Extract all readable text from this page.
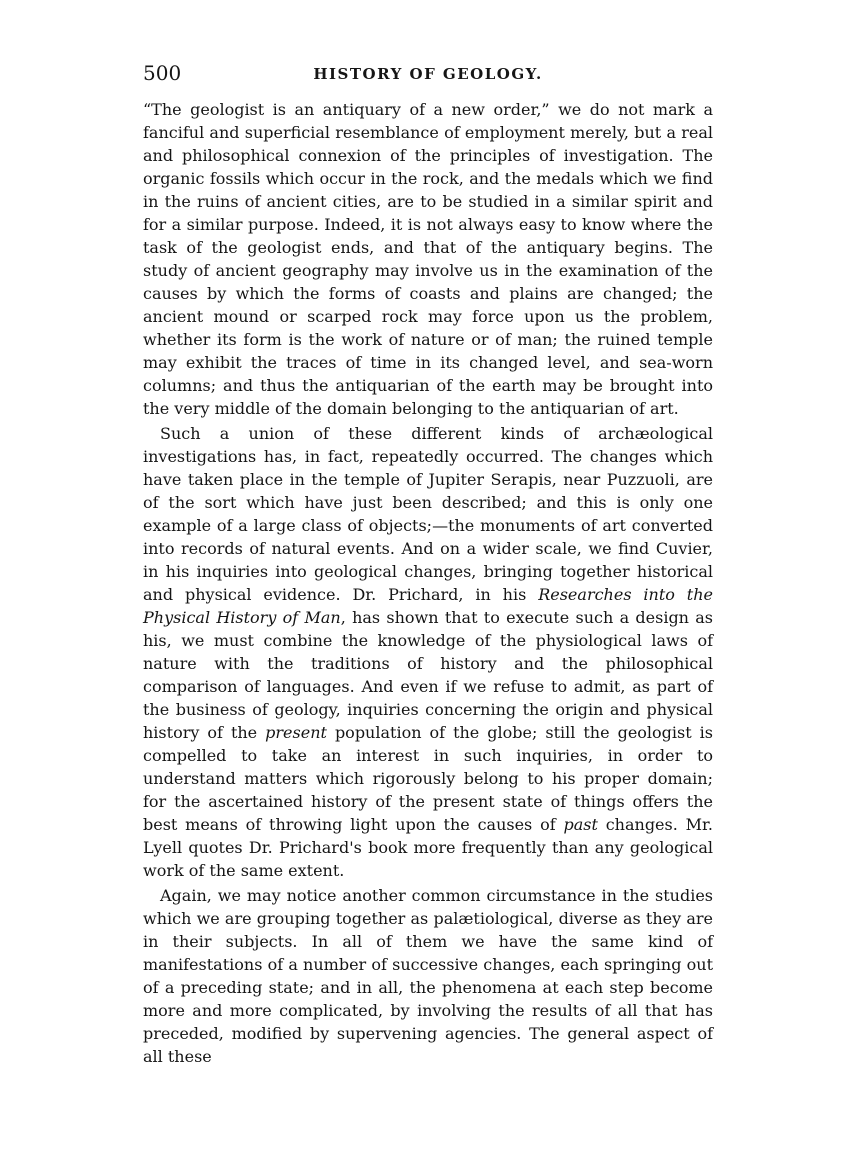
500	HISTORY OF GEOLOGY.

“The geologist is an antiquary of a new order,” we do not mark a fanciful and superficial resemblance of employment merely, but a real and philosophical connexion of the principles of investigation. The organic fossils which occur in the rock, and the medals which we find in the ruins of ancient cities, are to be studied in a similar spirit and for a similar purpose. Indeed, it is not always easy to know where the task of the geologist ends, and that of the antiquary begins. The study of ancient geography may involve us in the examination of the causes by which the forms of coasts and plains are changed; the ancient mound or scarped rock may force upon us the problem, whether its form is the work of nature or of man; the ruined temple may exhibit the traces of time in its changed level, and sea-worn columns; and thus the antiquarian of the earth may be brought into the very middle of the domain belonging to the antiquarian of art.

Such a union of these different kinds of archæological investigations has, in fact, repeatedly occurred. The changes which have taken place in the temple of Jupiter Serapis, near Puzzuoli, are of the sort which have just been described; and this is only one example of a large class of objects;—the monuments of art converted into records of natural events. And on a wider scale, we find Cuvier, in his inquiries into geological changes, bringing together historical and physical evidence. Dr. Prichard, in his Researches into the Physical History of Man, has shown that to execute such a design as his, we must combine the knowledge of the physiological laws of nature with the traditions of history and the philosophical comparison of languages. And even if we refuse to admit, as part of the business of geology, inquiries concerning the origin and physical history of the present population of the globe; still the geologist is compelled to take an interest in such inquiries, in order to understand matters which rigorously belong to his proper domain; for the ascertained history of the present state of things offers the best means of throwing light upon the causes of past changes. Mr. Lyell quotes Dr. Prichard's book more frequently than any geological work of the same extent.

Again, we may notice another common circumstance in the studies which we are grouping together as palætiological, diverse as they are in their subjects. In all of them we have the same kind of manifestations of a number of successive changes, each springing out of a preceding state; and in all, the phenomena at each step become more and more complicated, by involving the results of all that has preceded, modified by supervening agencies. The general aspect of all these
